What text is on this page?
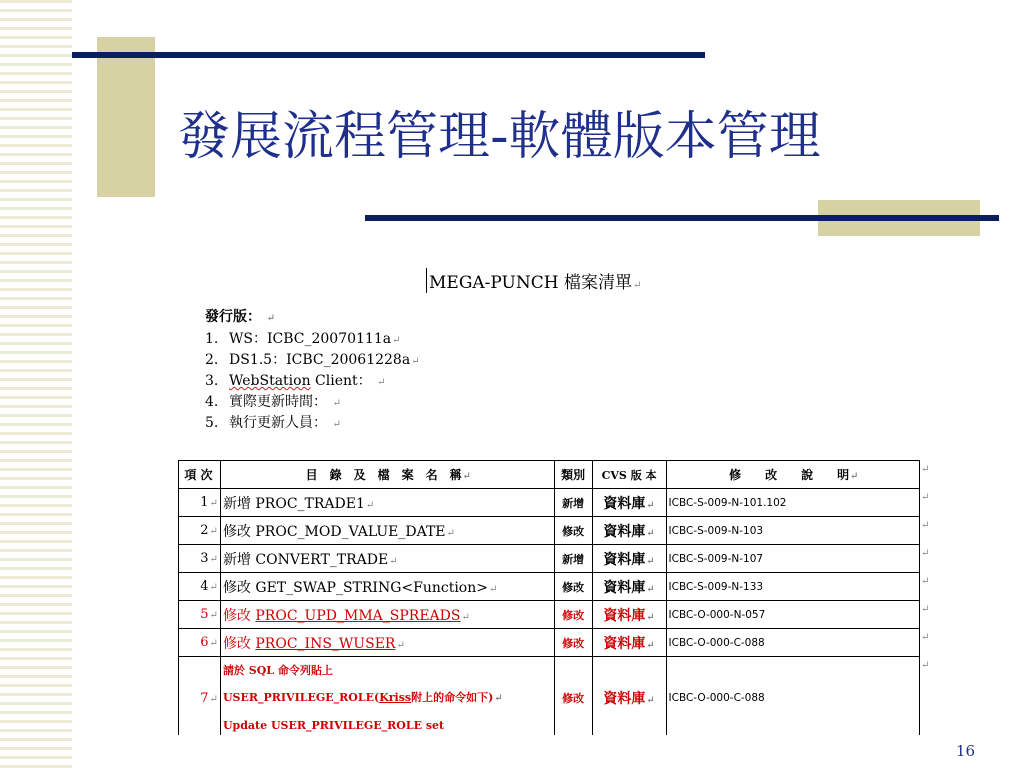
發展流程管理-軟體版本管理
MEGA-PUNCH 檔案清單↵
發行版： ↵
1. WS：ICBC_20070111a↵
2. DS1.5：ICBC_20061228a↵
3. WebStation Client： ↵
4. 實際更新時間： ↵
5. 執行更新人員： ↵
項 次	目　錄　及　檔　案　名　稱↵	類別	CVS 版 本	修　　改　　說　　明↵	↵
1↵	新增 PROC_TRADE1↵	新增	資料庫↵	ICBC-S-009-N-101.102	↵
2↵	修改 PROC_MOD_VALUE_DATE↵	修改	資料庫↵	ICBC-S-009-N-103	↵
3↵	新增 CONVERT_TRADE↵	新增	資料庫↵	ICBC-S-009-N-107	↵
4↵	修改 GET_SWAP_STRING<Function>↵	修改	資料庫↵	ICBC-S-009-N-133	↵
5↵	修改 PROC_UPD_MMA_SPREADS↵	修改	資料庫↵	ICBC-O-000-N-057	↵
6↵	修改 PROC_INS_WUSER↵	修改	資料庫↵	ICBC-O-000-C-088	↵
7↵	請於 SQL 命令列貼上
USER_PRIVILEGE_ROLE(Kriss附上的命令如下)↵
Update USER_PRIVILEGE_ROLE set	修改	資料庫↵	ICBC-O-000-C-088	↵
16
